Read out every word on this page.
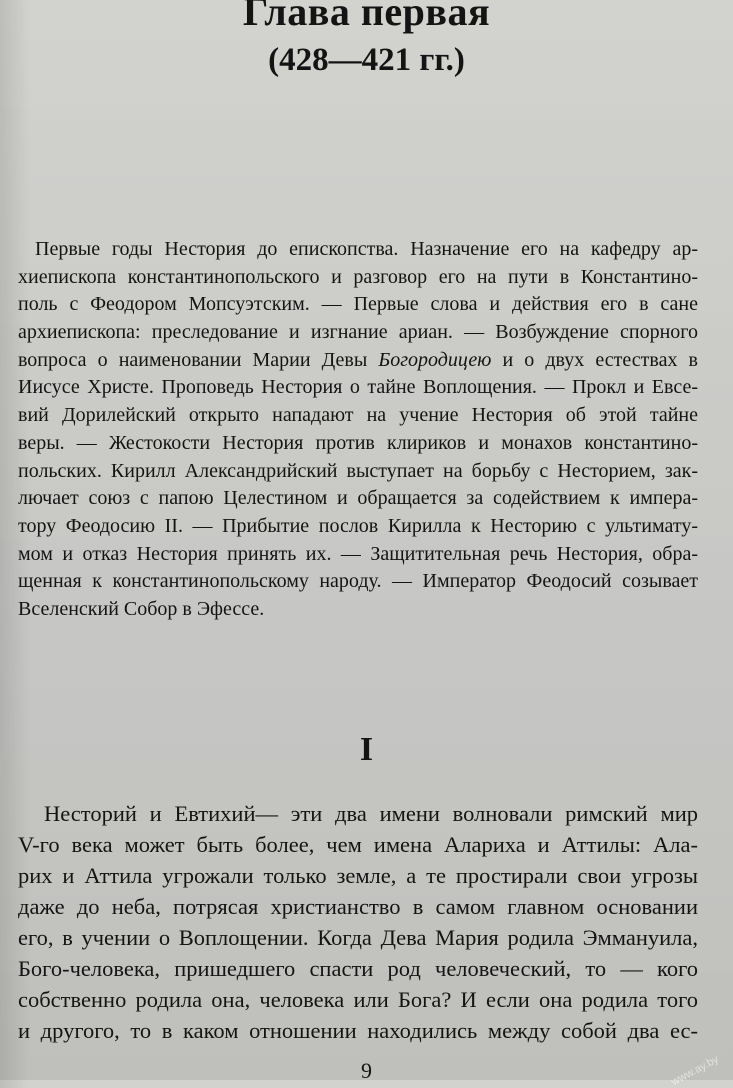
Глава первая
(428—421 гг.)
Первые годы Нестория до епископства. Назначение его на кафедру ар-
хиепископа константинопольского и разговор его на пути в Константино-
поль с Феодором Мопсуэтским. — Первые слова и действия его в сане
архиепископа: преследование и изгнание ариан. — Возбуждение спорного
вопроса о наименовании Марии Девы Богородицею и о двух естествах в
Иисусе Христе. Проповедь Нестория о тайне Воплощения. — Прокл и Евсе-
вий Дорилейский открыто нападают на учение Нестория об этой тайне
веры. — Жестокости Нестория против клириков и монахов константино-
польских. Кирилл Александрийский выступает на борьбу с Несторием, зак-
лючает союз с папою Целестином и обращается за содействием к импера-
тору Феодосию II. — Прибытие послов Кирилла к Несторию с ультимату-
мом и отказ Нестория принять их. — Защитительная речь Нестория, обра-
щенная к константинопольскому народу. — Император Феодосий созывает
Вселенский Собор в Эфессе.
I
Несторий и Евтихий— эти два имени волновали римский мир
V-го века может быть более, чем имена Алариха и Аттилы: Ала-
рих и Аттила угрожали только земле, а те простирали свои угрозы
даже до неба, потрясая христианство в самом главном основании
его, в учении о Воплощении. Когда Дева Мария родила Эммануила,
Бого-человека, пришедшего спасти род человеческий, то — кого
собственно родила она, человека или Бога? И если она родила того
и другого, то в каком отношении находились между собой два ес-
9	www.ay.by
